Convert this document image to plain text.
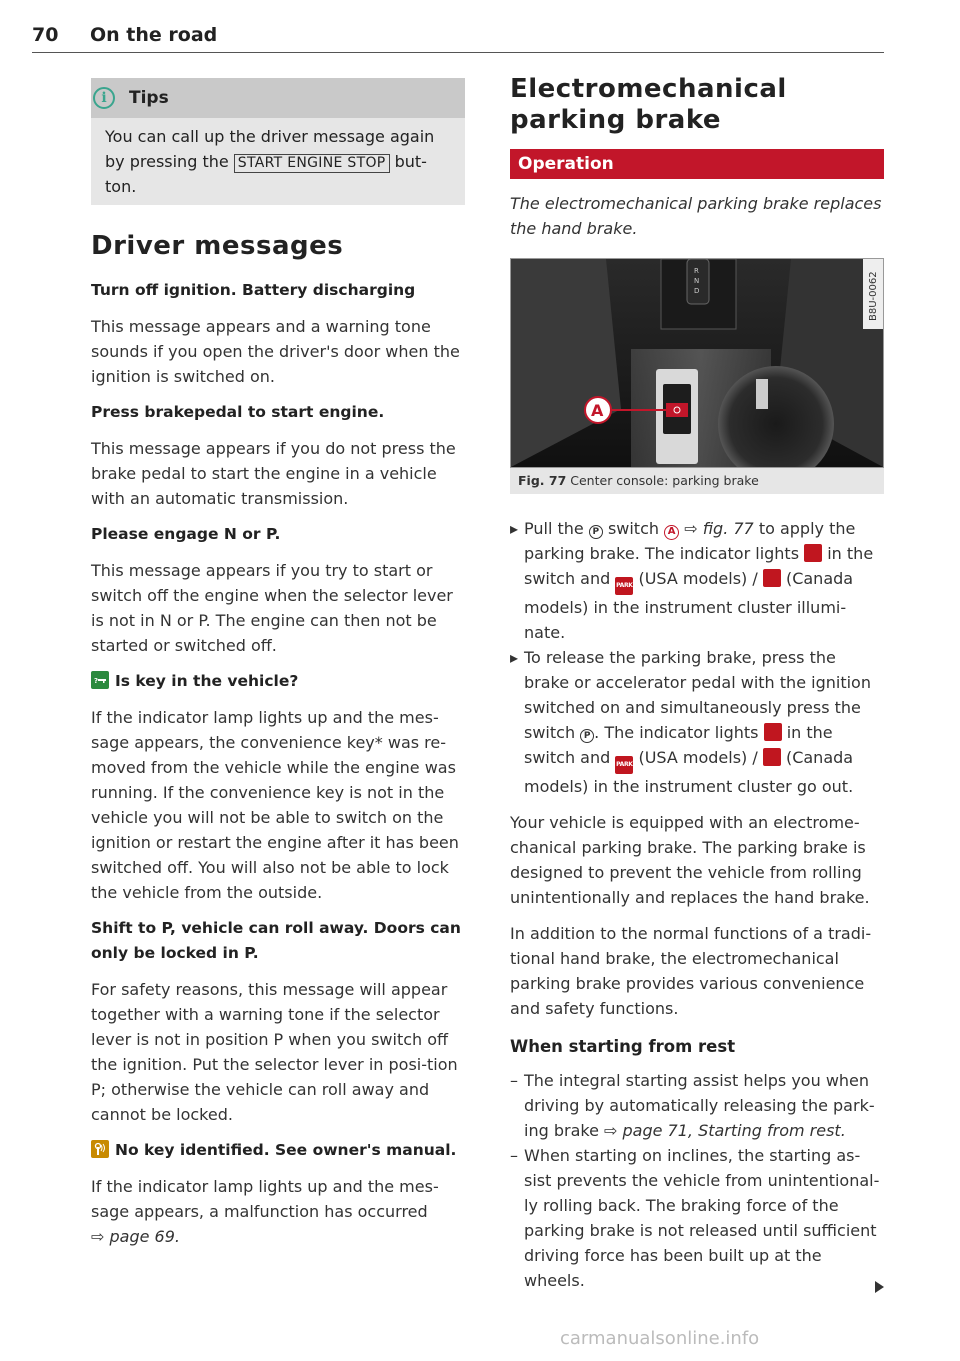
70 On the road
i	Tips
You can call up the driver message again by pressing the START ENGINE STOP but-ton.
Driver messages
Turn off ignition. Battery discharging

This message appears and a warning tone sounds if you open the driver's door when the ignition is switched on.

Press brakepedal to start engine.

This message appears if you do not press the brake pedal to start the engine in a vehicle with an automatic transmission.

Please engage N or P.

This message appears if you try to start or switch off the engine when the selector lever is not in N or P. The engine can then not be started or switched off.

? Is key in the vehicle?

If the indicator lamp lights up and the mes-sage appears, the convenience key* was re-moved from the vehicle while the engine was running. If the convenience key is not in the vehicle you will not be able to switch on the ignition or restart the engine after it has been switched off. You will also not be able to lock the vehicle from the outside.

Shift to P, vehicle can roll away. Doors can only be locked in P.

For safety reasons, this message will appear together with a warning tone if the selector lever is not in position P when you switch off the ignition. Put the selector lever in posi-tion P; otherwise the vehicle can roll away and cannot be locked.

No key identified. See owner's manual.

If the indicator lamp lights up and the mes-sage appears, a malfunction has occurred
⇨ page 69.

Electromechanical
parking brake
Operation

The electromechanical parking brake replaces the hand brake.

R
N
D
A
B8U-0062
Fig. 77 Center console: parking brake
▸ Pull the P switch A ⇨ fig. 77 to apply the parking brake. The indicator lights in the switch and PARK (USA models) / (Canada models) in the instrument cluster illumi-nate.
▸ To release the parking brake, press the brake or accelerator pedal with the ignition switched on and simultaneously press the switch P . The indicator lights in the switch and PARK (USA models) / (Canada models) in the instrument cluster go out.

Your vehicle is equipped with an electrome-chanical parking brake. The parking brake is designed to prevent the vehicle from rolling unintentionally and replaces the hand brake.

In addition to the normal functions of a tradi-tional hand brake, the electromechanical parking brake provides various convenience and safety functions.

When starting from rest
– The integral starting assist helps you when driving by automatically releasing the park-ing brake ⇨ page 71, Starting from rest.
– When starting on inclines, the starting as-sist prevents the vehicle from unintentional-ly rolling back. The braking force of the parking brake is not released until sufficient driving force has been built up at the wheels.
carmanualsonline.info
